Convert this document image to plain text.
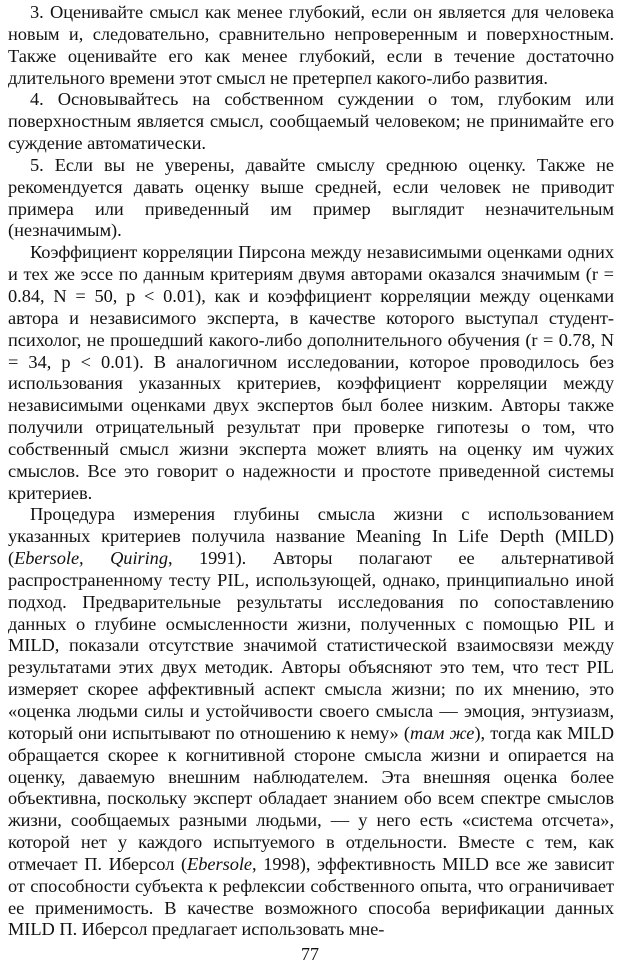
3. Оценивайте смысл как менее глубокий, если он является для человека новым и, следовательно, сравнительно непроверенным и поверхностным. Также оценивайте его как менее глубокий, если в течение достаточно длительного времени этот смысл не претерпел какого-либо развития.

4. Основывайтесь на собственном суждении о том, глубоким или поверхностным является смысл, сообщаемый человеком; не принимайте его суждение автоматически.

5. Если вы не уверены, давайте смыслу среднюю оценку. Также не рекомендуется давать оценку выше средней, если человек не приводит примера или приведенный им пример выглядит незначительным (незначимым).

Коэффициент корреляции Пирсона между независимыми оценками одних и тех же эссе по данным критериям двумя авторами оказался значимым (r = 0.84, N = 50, p < 0.01), как и коэффициент корреляции между оценками автора и независимого эксперта, в качестве которого выступал студент-психолог, не прошедший какого-либо дополнительного обучения (r = 0.78, N = 34, p < 0.01). В аналогичном исследовании, которое проводилось без использования указанных критериев, коэффициент корреляции между независимыми оценками двух экспертов был более низким. Авторы также получили отрицательный результат при проверке гипотезы о том, что собственный смысл жизни эксперта может влиять на оценку им чужих смыслов. Все это говорит о надежности и простоте приведенной системы критериев.

Процедура измерения глубины смысла жизни с использованием указанных критериев получила название Meaning In Life Depth (MILD) (Ebersole, Quiring, 1991). Авторы полагают ее альтернативой распространенному тесту PIL, использующей, однако, принципиально иной подход. Предварительные результаты исследования по сопоставлению данных о глубине осмысленности жизни, полученных с помощью PIL и MILD, показали отсутствие значимой статистической взаимосвязи между результатами этих двух методик. Авторы объясняют это тем, что тест PIL измеряет скорее аффективный аспект смысла жизни; по их мнению, это «оценка людьми силы и устойчивости своего смысла — эмоция, энтузиазм, который они испытывают по отношению к нему» (там же), тогда как MILD обращается скорее к когнитивной стороне смысла жизни и опирается на оценку, даваемую внешним наблюдателем. Эта внешняя оценка более объективна, поскольку эксперт обладает знанием обо всем спектре смыслов жизни, сообщаемых разными людьми, — у него есть «система отсчета», которой нет у каждого испытуемого в отдельности. Вместе с тем, как отмечает П. Иберсол (Ebersole, 1998), эффективность MILD все же зависит от способности субъекта к рефлексии собственного опыта, что ограничивает ее применимость. В качестве возможного способа верификации данных MILD П. Иберсол предлагает использовать мне-

77
